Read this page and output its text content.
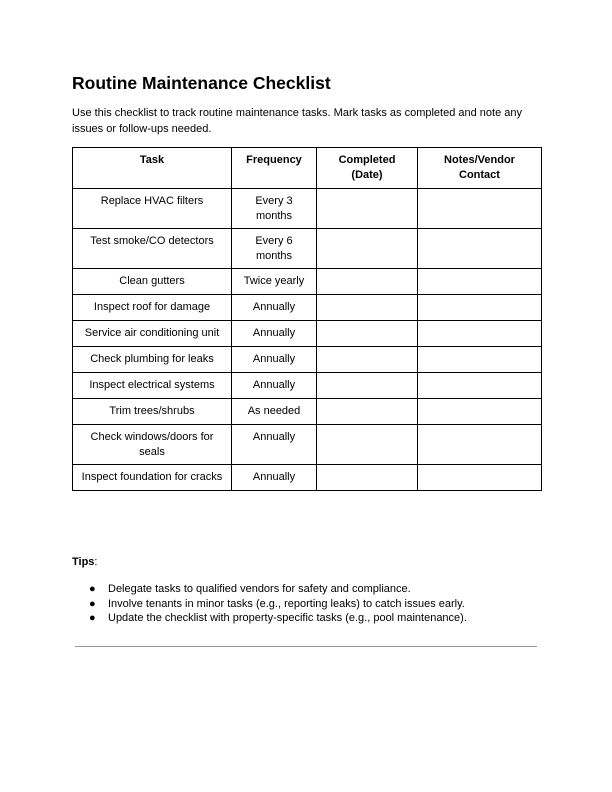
Routine Maintenance Checklist

Use this checklist to track routine maintenance tasks. Mark tasks as completed and note any issues or follow-ups needed.

Task	Frequency	Completed (Date)	Notes/Vendor Contact
Replace HVAC filters	Every 3 months		
Test smoke/CO detectors	Every 6 months		
Clean gutters	Twice yearly		
Inspect roof for damage	Annually		
Service air conditioning unit	Annually		
Check plumbing for leaks	Annually		
Inspect electrical systems	Annually		
Trim trees/shrubs	As needed		
Check windows/doors for seals	Annually		
Inspect foundation for cracks	Annually		

Tips:

● Delegate tasks to qualified vendors for safety and compliance.
● Involve tenants in minor tasks (e.g., reporting leaks) to catch issues early.
● Update the checklist with property-specific tasks (e.g., pool maintenance).
